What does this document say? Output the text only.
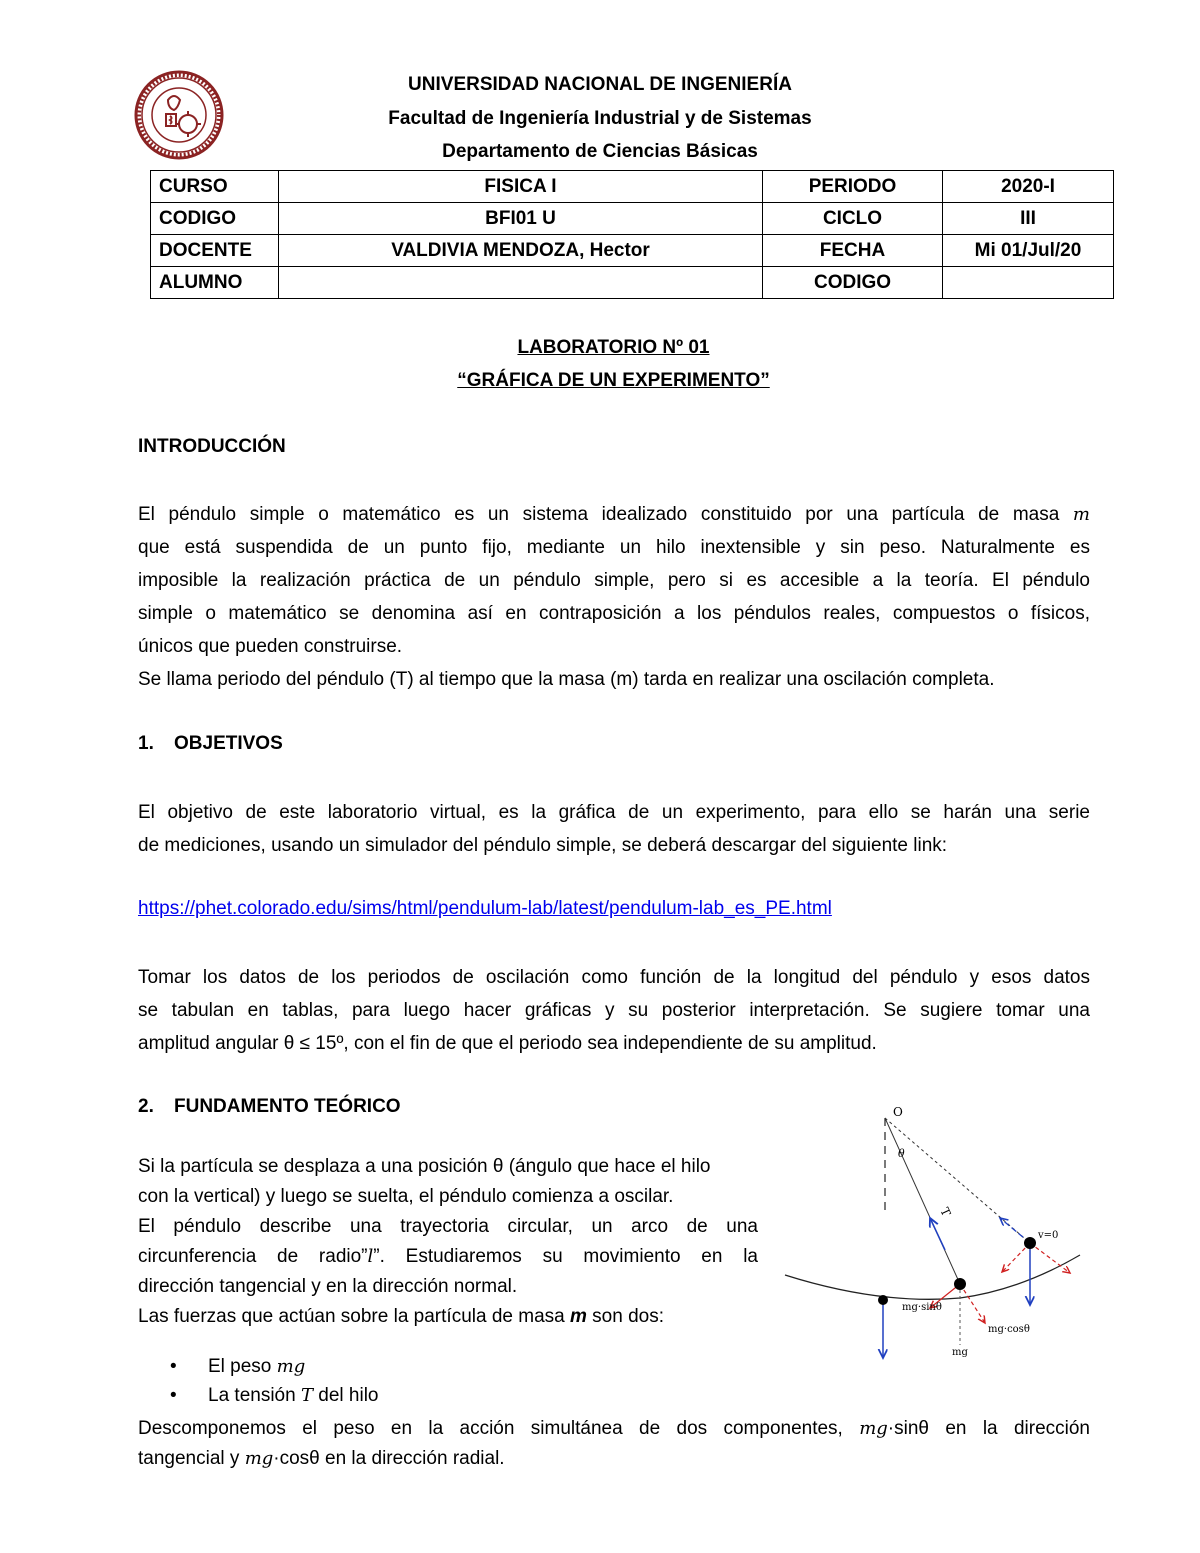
UNIVERSIDAD NACIONAL DE INGENIERÍA
Facultad de Ingeniería Industrial y de Sistemas
Departamento de Ciencias Básicas
CURSO	FISICA I	PERIODO	2020-I
CODIGO	BFI01 U	CICLO	III
DOCENTE	VALDIVIA MENDOZA, Hector	FECHA	Mi 01/Jul/20
ALUMNO		CODIGO	
LABORATORIO Nº 01
“GRÁFICA DE UN EXPERIMENTO”
INTRODUCCIÓN
El péndulo simple o matemático es un sistema idealizado constituido por una partícula de masa m
que está suspendida de un punto fijo, mediante un hilo inextensible y sin peso. Naturalmente es
imposible la realización práctica de un péndulo simple, pero si es accesible a la teoría. El péndulo
simple o matemático se denomina así en contraposición a los péndulos reales, compuestos o físicos,
únicos que pueden construirse.
Se llama periodo del péndulo (T) al tiempo que la masa (m) tarda en realizar una oscilación completa.
1. OBJETIVOS
El objetivo de este laboratorio virtual, es la gráfica de un experimento, para ello se harán una serie
de mediciones, usando un simulador del péndulo simple, se deberá descargar del siguiente link:
https://phet.colorado.edu/sims/html/pendulum-lab/latest/pendulum-lab_es_PE.html
Tomar los datos de los periodos de oscilación como función de la longitud del péndulo y esos datos
se tabulan en tablas, para luego hacer gráficas y su posterior interpretación. Se sugiere tomar una
amplitud angular θ ≤ 15º, con el fin de que el periodo sea independiente de su amplitud.
2. FUNDAMENTO TEÓRICO
Si la partícula se desplaza a una posición θ (ángulo que hace el hilo
con la vertical) y luego se suelta, el péndulo comienza a oscilar.
El péndulo describe una trayectoria circular, un arco de una
circunferencia de radio”l”. Estudiaremos su movimiento en la
dirección tangencial y en la dirección normal.
Las fuerzas que actúan sobre la partícula de masa m son dos:
• El peso mg
• La tensión T del hilo
Descomponemos el peso en la acción simultánea de dos componentes, mg·sinθ en la dirección
tangencial y mg·cosθ en la dirección radial.
O
θ
T
v=0
mg·sinθ
mg·cosθ
mg
